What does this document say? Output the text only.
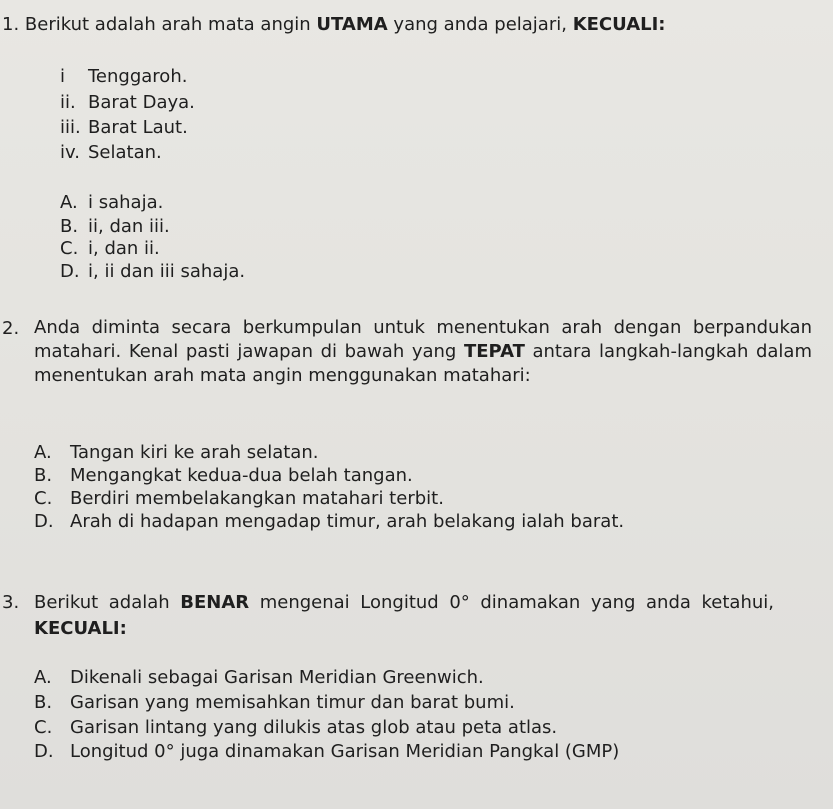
1. Berikut adalah arah mata angin UTAMA yang anda pelajari, KECUALI:
i Tenggaroh.
ii. Barat Daya.
iii. Barat Laut.
iv. Selatan.
A. i sahaja.
B. ii, dan iii.
C. i, dan ii.
D. i, ii dan iii sahaja.
2. Anda diminta secara berkumpulan untuk menentukan arah dengan berpandukan matahari. Kenal pasti jawapan di bawah yang TEPAT antara langkah-langkah dalam menentukan arah mata angin menggunakan matahari:
A. Tangan kiri ke arah selatan.
B. Mengangkat kedua-dua belah tangan.
C. Berdiri membelakangkan matahari terbit.
D. Arah di hadapan mengadap timur, arah belakang ialah barat.
3. Berikut adalah BENAR mengenai Longitud 0° dinamakan yang anda ketahui, KECUALI:
A. Dikenali sebagai Garisan Meridian Greenwich.
B. Garisan yang memisahkan timur dan barat bumi.
C. Garisan lintang yang dilukis atas glob atau peta atlas.
D. Longitud 0° juga dinamakan Garisan Meridian Pangkal (GMP)
